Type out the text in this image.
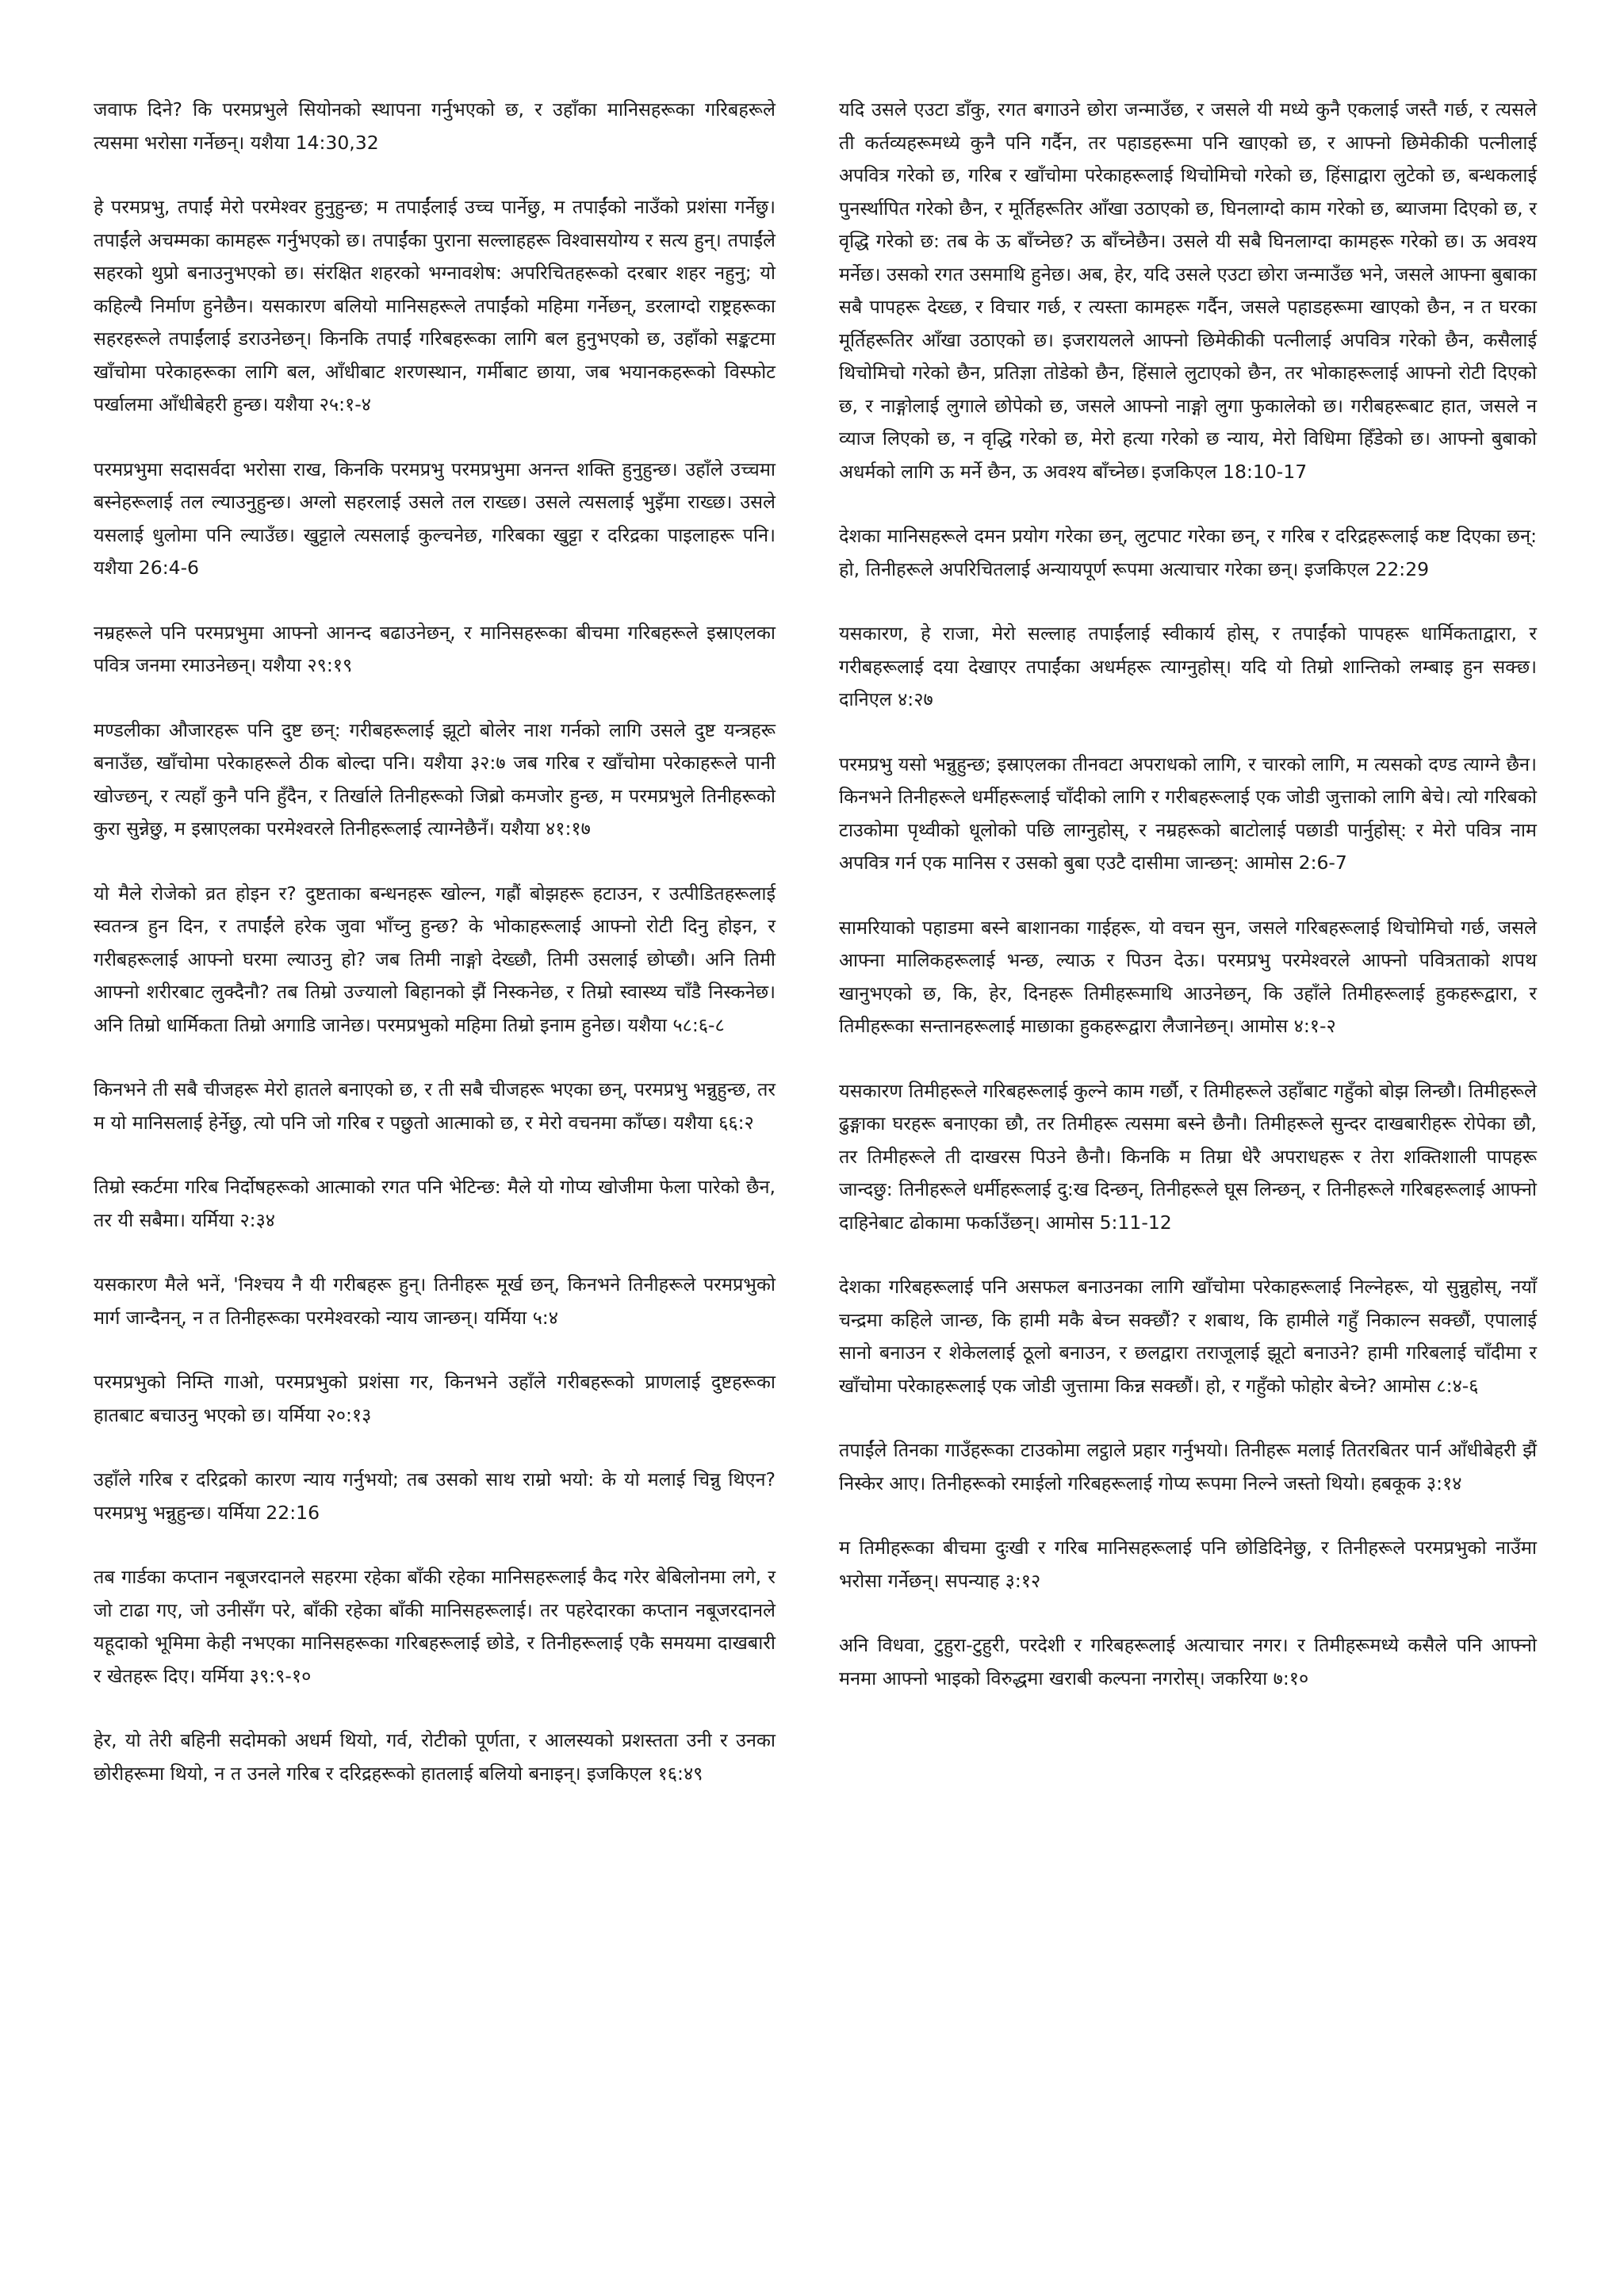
जवाफ दिने? कि परमप्रभुले सियोनको स्थापना गर्नुभएको छ, र उहाँका मानिसहरूका गरिबहरूले त्यसमा भरोसा गर्नेछन्। यशैया 14:30,32

हे परमप्रभु, तपाईं मेरो परमेश्वर हुनुहुन्छ; म तपाईंलाई उच्च पार्नेछु, म तपाईंको नाउँको प्रशंसा गर्नेछु। तपाईंले अचम्मका कामहरू गर्नुभएको छ। तपाईंका पुराना सल्लाहहरू विश्वासयोग्य र सत्य हुन्। तपाईंले सहरको थुप्रो बनाउनुभएको छ। संरक्षित शहरको भग्नावशेष: अपरिचितहरूको दरबार शहर नहुनु; यो कहिल्यै निर्माण हुनेछैन। यसकारण बलियो मानिसहरूले तपाईंको महिमा गर्नेछन्, डरलाग्दो राष्ट्रहरूका सहरहरूले तपाईंलाई डराउनेछन्। किनकि तपाईं गरिबहरूका लागि बल हुनुभएको छ, उहाँको सङ्कटमा खाँचोमा परेकाहरूका लागि बल, आँधीबाट शरणस्थान, गर्मीबाट छाया, जब भयानकहरूको विस्फोट पर्खालमा आँधीबेहरी हुन्छ। यशैया २५:१-४

परमप्रभुमा सदासर्वदा भरोसा राख, किनकि परमप्रभु परमप्रभुमा अनन्त शक्ति हुनुहुन्छ। उहाँले उच्चमा बस्नेहरूलाई तल ल्याउनुहुन्छ। अग्लो सहरलाई उसले तल राख्छ। उसले त्यसलाई भुइँमा राख्छ। उसले यसलाई धुलोमा पनि ल्याउँछ। खुट्टाले त्यसलाई कुल्चनेछ, गरिबका खुट्टा र दरिद्रका पाइलाहरू पनि। यशैया 26:4-6

नम्रहरूले पनि परमप्रभुमा आफ्नो आनन्द बढाउनेछन्, र मानिसहरूका बीचमा गरिबहरूले इस्राएलका पवित्र जनमा रमाउनेछन्। यशैया २९:१९

मण्डलीका औजारहरू पनि दुष्ट छन्: गरीबहरूलाई झूटो बोलेर नाश गर्नको लागि उसले दुष्ट यन्त्रहरू बनाउँछ, खाँचोमा परेकाहरूले ठीक बोल्दा पनि। यशैया ३२:७ जब गरिब र खाँचोमा परेकाहरूले पानी खोज्छन्, र त्यहाँ कुनै पनि हुँदैन, र तिर्खाले तिनीहरूको जिब्रो कमजोर हुन्छ, म परमप्रभुले तिनीहरूको कुरा सुन्नेछु, म इस्राएलका परमेश्वरले तिनीहरूलाई त्याग्नेछैनँ। यशैया ४१:१७

यो मैले रोजेको व्रत होइन र? दुष्टताका बन्धनहरू खोल्न, गह्रौं बोझहरू हटाउन, र उत्पीडितहरूलाई स्वतन्त्र हुन दिन, र तपाईंले हरेक जुवा भाँच्नु हुन्छ? के भोकाहरूलाई आफ्नो रोटी दिनु होइन, र गरीबहरूलाई आफ्नो घरमा ल्याउनु हो? जब तिमी नाङ्गो देख्छौ, तिमी उसलाई छोप्छौ। अनि तिमी आफ्नो शरीरबाट लुक्दैनौ? तब तिम्रो उज्यालो बिहानको झैं निस्कनेछ, र तिम्रो स्वास्थ्य चाँडै निस्कनेछ। अनि तिम्रो धार्मिकता तिम्रो अगाडि जानेछ। परमप्रभुको महिमा तिम्रो इनाम हुनेछ। यशैया ५८:६-८

किनभने ती सबै चीजहरू मेरो हातले बनाएको छ, र ती सबै चीजहरू भएका छन्, परमप्रभु भन्नुहुन्छ, तर म यो मानिसलाई हेर्नेछु, त्यो पनि जो गरिब र पछुतो आत्माको छ, र मेरो वचनमा काँप्छ। यशैया ६६:२

तिम्रो स्कर्टमा गरिब निर्दोषहरूको आत्माको रगत पनि भेटिन्छ: मैले यो गोप्य खोजीमा फेला पारेको छैन, तर यी सबैमा। यर्मिया २:३४

यसकारण मैले भनें, 'निश्चय नै यी गरीबहरू हुन्। तिनीहरू मूर्ख छन्, किनभने तिनीहरूले परमप्रभुको मार्ग जान्दैनन्, न त तिनीहरूका परमेश्वरको न्याय जान्छन्। यर्मिया ५:४

परमप्रभुको निम्ति गाओ, परमप्रभुको प्रशंसा गर, किनभने उहाँले गरीबहरूको प्राणलाई दुष्टहरूका हातबाट बचाउनु भएको छ। यर्मिया २०:१३

उहाँले गरिब र दरिद्रको कारण न्याय गर्नुभयो; तब उसको साथ राम्रो भयो: के यो मलाई चिन्नु थिएन? परमप्रभु भन्नुहुन्छ। यर्मिया 22:16

तब गार्डका कप्तान नबूजरदानले सहरमा रहेका बाँकी रहेका मानिसहरूलाई कैद गरेर बेबिलोनमा लगे, र जो टाढा गए, जो उनीसँग परे, बाँकी रहेका बाँकी मानिसहरूलाई। तर पहरेदारका कप्तान नबूजरदानले यहूदाको भूमिमा केही नभएका मानिसहरूका गरिबहरूलाई छोडे, र तिनीहरूलाई एकै समयमा दाखबारी र खेतहरू दिए। यर्मिया ३९:९-१०

हेर, यो तेरी बहिनी सदोमको अधर्म थियो, गर्व, रोटीको पूर्णता, र आलस्यको प्रशस्तता उनी र उनका छोरीहरूमा थियो, न त उनले गरिब र दरिद्रहरूको हातलाई बलियो बनाइन्। इजकिएल १६:४९

यदि उसले एउटा डाँकु, रगत बगाउने छोरा जन्माउँछ, र जसले यी मध्ये कुनै एकलाई जस्तै गर्छ, र त्यसले ती कर्तव्यहरूमध्ये कुनै पनि गर्दैन, तर पहाडहरूमा पनि खाएको छ, र आफ्नो छिमेकीकी पत्नीलाई अपवित्र गरेको छ, गरिब र खाँचोमा परेकाहरूलाई थिचोमिचो गरेको छ, हिंसाद्वारा लुटेको छ, बन्धकलाई पुनर्स्थापित गरेको छैन, र मूर्तिहरूतिर आँखा उठाएको छ, घिनलाग्दो काम गरेको छ, ब्याजमा दिएको छ, र वृद्धि गरेको छ: तब के ऊ बाँच्नेछ? ऊ बाँच्नेछैन। उसले यी सबै घिनलाग्दा कामहरू गरेको छ। ऊ अवश्य मर्नेछ। उसको रगत उसमाथि हुनेछ। अब, हेर, यदि उसले एउटा छोरा जन्माउँछ भने, जसले आफ्ना बुबाका सबै पापहरू देख्छ, र विचार गर्छ, र त्यस्ता कामहरू गर्दैन, जसले पहाडहरूमा खाएको छैन, न त घरका मूर्तिहरूतिर आँखा उठाएको छ। इजरायलले आफ्नो छिमेकीकी पत्नीलाई अपवित्र गरेको छैन, कसैलाई थिचोमिचो गरेको छैन, प्रतिज्ञा तोडेको छैन, हिंसाले लुटाएको छैन, तर भोकाहरूलाई आफ्नो रोटी दिएको छ, र नाङ्गोलाई लुगाले छोपेको छ, जसले आफ्नो नाङ्गो लुगा फुकालेको छ। गरीबहरूबाट हात, जसले न व्याज लिएको छ, न वृद्धि गरेको छ, मेरो हत्या गरेको छ न्याय, मेरो विधिमा हिँडेको छ। आफ्नो बुबाको अधर्मको लागि ऊ मर्ने छैन, ऊ अवश्य बाँच्नेछ। इजकिएल 18:10-17

देशका मानिसहरूले दमन प्रयोग गरेका छन्, लुटपाट गरेका छन्, र गरिब र दरिद्रहरूलाई कष्ट दिएका छन्: हो, तिनीहरूले अपरिचितलाई अन्यायपूर्ण रूपमा अत्याचार गरेका छन्। इजकिएल 22:29

यसकारण, हे राजा, मेरो सल्लाह तपाईंलाई स्वीकार्य होस्, र तपाईंको पापहरू धार्मिकताद्वारा, र गरीबहरूलाई दया देखाएर तपाईंका अधर्महरू त्याग्नुहोस्। यदि यो तिम्रो शान्तिको लम्बाइ हुन सक्छ। दानिएल ४:२७

परमप्रभु यसो भन्नुहुन्छ; इस्राएलका तीनवटा अपराधको लागि, र चारको लागि, म त्यसको दण्ड त्याग्ने छैन। किनभने तिनीहरूले धर्मीहरूलाई चाँदीको लागि र गरीबहरूलाई एक जोडी जुत्ताको लागि बेचे। त्यो गरिबको टाउकोमा पृथ्वीको धूलोको पछि लाग्नुहोस्, र नम्रहरूको बाटोलाई पछाडी पार्नुहोस्: र मेरो पवित्र नाम अपवित्र गर्न एक मानिस र उसको बुबा एउटै दासीमा जान्छन्: आमोस 2:6-7

सामरियाको पहाडमा बस्ने बाशानका गाईहरू, यो वचन सुन, जसले गरिबहरूलाई थिचोमिचो गर्छ, जसले आफ्ना मालिकहरूलाई भन्छ, ल्याऊ र पिउन देऊ। परमप्रभु परमेश्वरले आफ्नो पवित्रताको शपथ खानुभएको छ, कि, हेर, दिनहरू तिमीहरूमाथि आउनेछन्, कि उहाँले तिमीहरूलाई हुकहरूद्वारा, र तिमीहरूका सन्तानहरूलाई माछाका हुकहरूद्वारा लैजानेछन्। आमोस ४:१-२

यसकारण तिमीहरूले गरिबहरूलाई कुल्ने काम गर्छौ, र तिमीहरूले उहाँबाट गहुँको बोझ लिन्छौ। तिमीहरूले ढुङ्गाका घरहरू बनाएका छौ, तर तिमीहरू त्यसमा बस्ने छैनौ। तिमीहरूले सुन्दर दाखबारीहरू रोपेका छौ, तर तिमीहरूले ती दाखरस पिउने छैनौ। किनकि म तिम्रा धेरै अपराधहरू र तेरा शक्तिशाली पापहरू जान्दछु: तिनीहरूले धर्मीहरूलाई दु:ख दिन्छन्, तिनीहरूले घूस लिन्छन्, र तिनीहरूले गरिबहरूलाई आफ्नो दाहिनेबाट ढोकामा फर्काउँछन्। आमोस 5:11-12

देशका गरिबहरूलाई पनि असफल बनाउनका लागि खाँचोमा परेकाहरूलाई निल्नेहरू, यो सुन्नुहोस्, नयाँ चन्द्रमा कहिले जान्छ, कि हामी मकै बेच्न सक्छौं? र शबाथ, कि हामीले गहुँ निकाल्न सक्छौं, एपालाई सानो बनाउन र शेकेललाई ठूलो बनाउन, र छलद्वारा तराजूलाई झूटो बनाउने? हामी गरिबलाई चाँदीमा र खाँचोमा परेकाहरूलाई एक जोडी जुत्तामा किन्न सक्छौं। हो, र गहुँको फोहोर बेच्ने? आमोस ८:४-६

तपाईंले तिनका गाउँहरूका टाउकोमा लट्ठाले प्रहार गर्नुभयो। तिनीहरू मलाई तितरबितर पार्न आँधीबेहरी झैं निस्केर आए। तिनीहरूको रमाईलो गरिबहरूलाई गोप्य रूपमा निल्ने जस्तो थियो। हबकूक ३:१४

म तिमीहरूका बीचमा दुःखी र गरिब मानिसहरूलाई पनि छोडिदिनेछु, र तिनीहरूले परमप्रभुको नाउँमा भरोसा गर्नेछन्। सपन्याह ३:१२

अनि विधवा, टुहुरा-टुहुरी, परदेशी र गरिबहरूलाई अत्याचार नगर। र तिमीहरूमध्ये कसैले पनि आफ्नो मनमा आफ्नो भाइको विरुद्धमा खराबी कल्पना नगरोस्। जकरिया ७:१०
